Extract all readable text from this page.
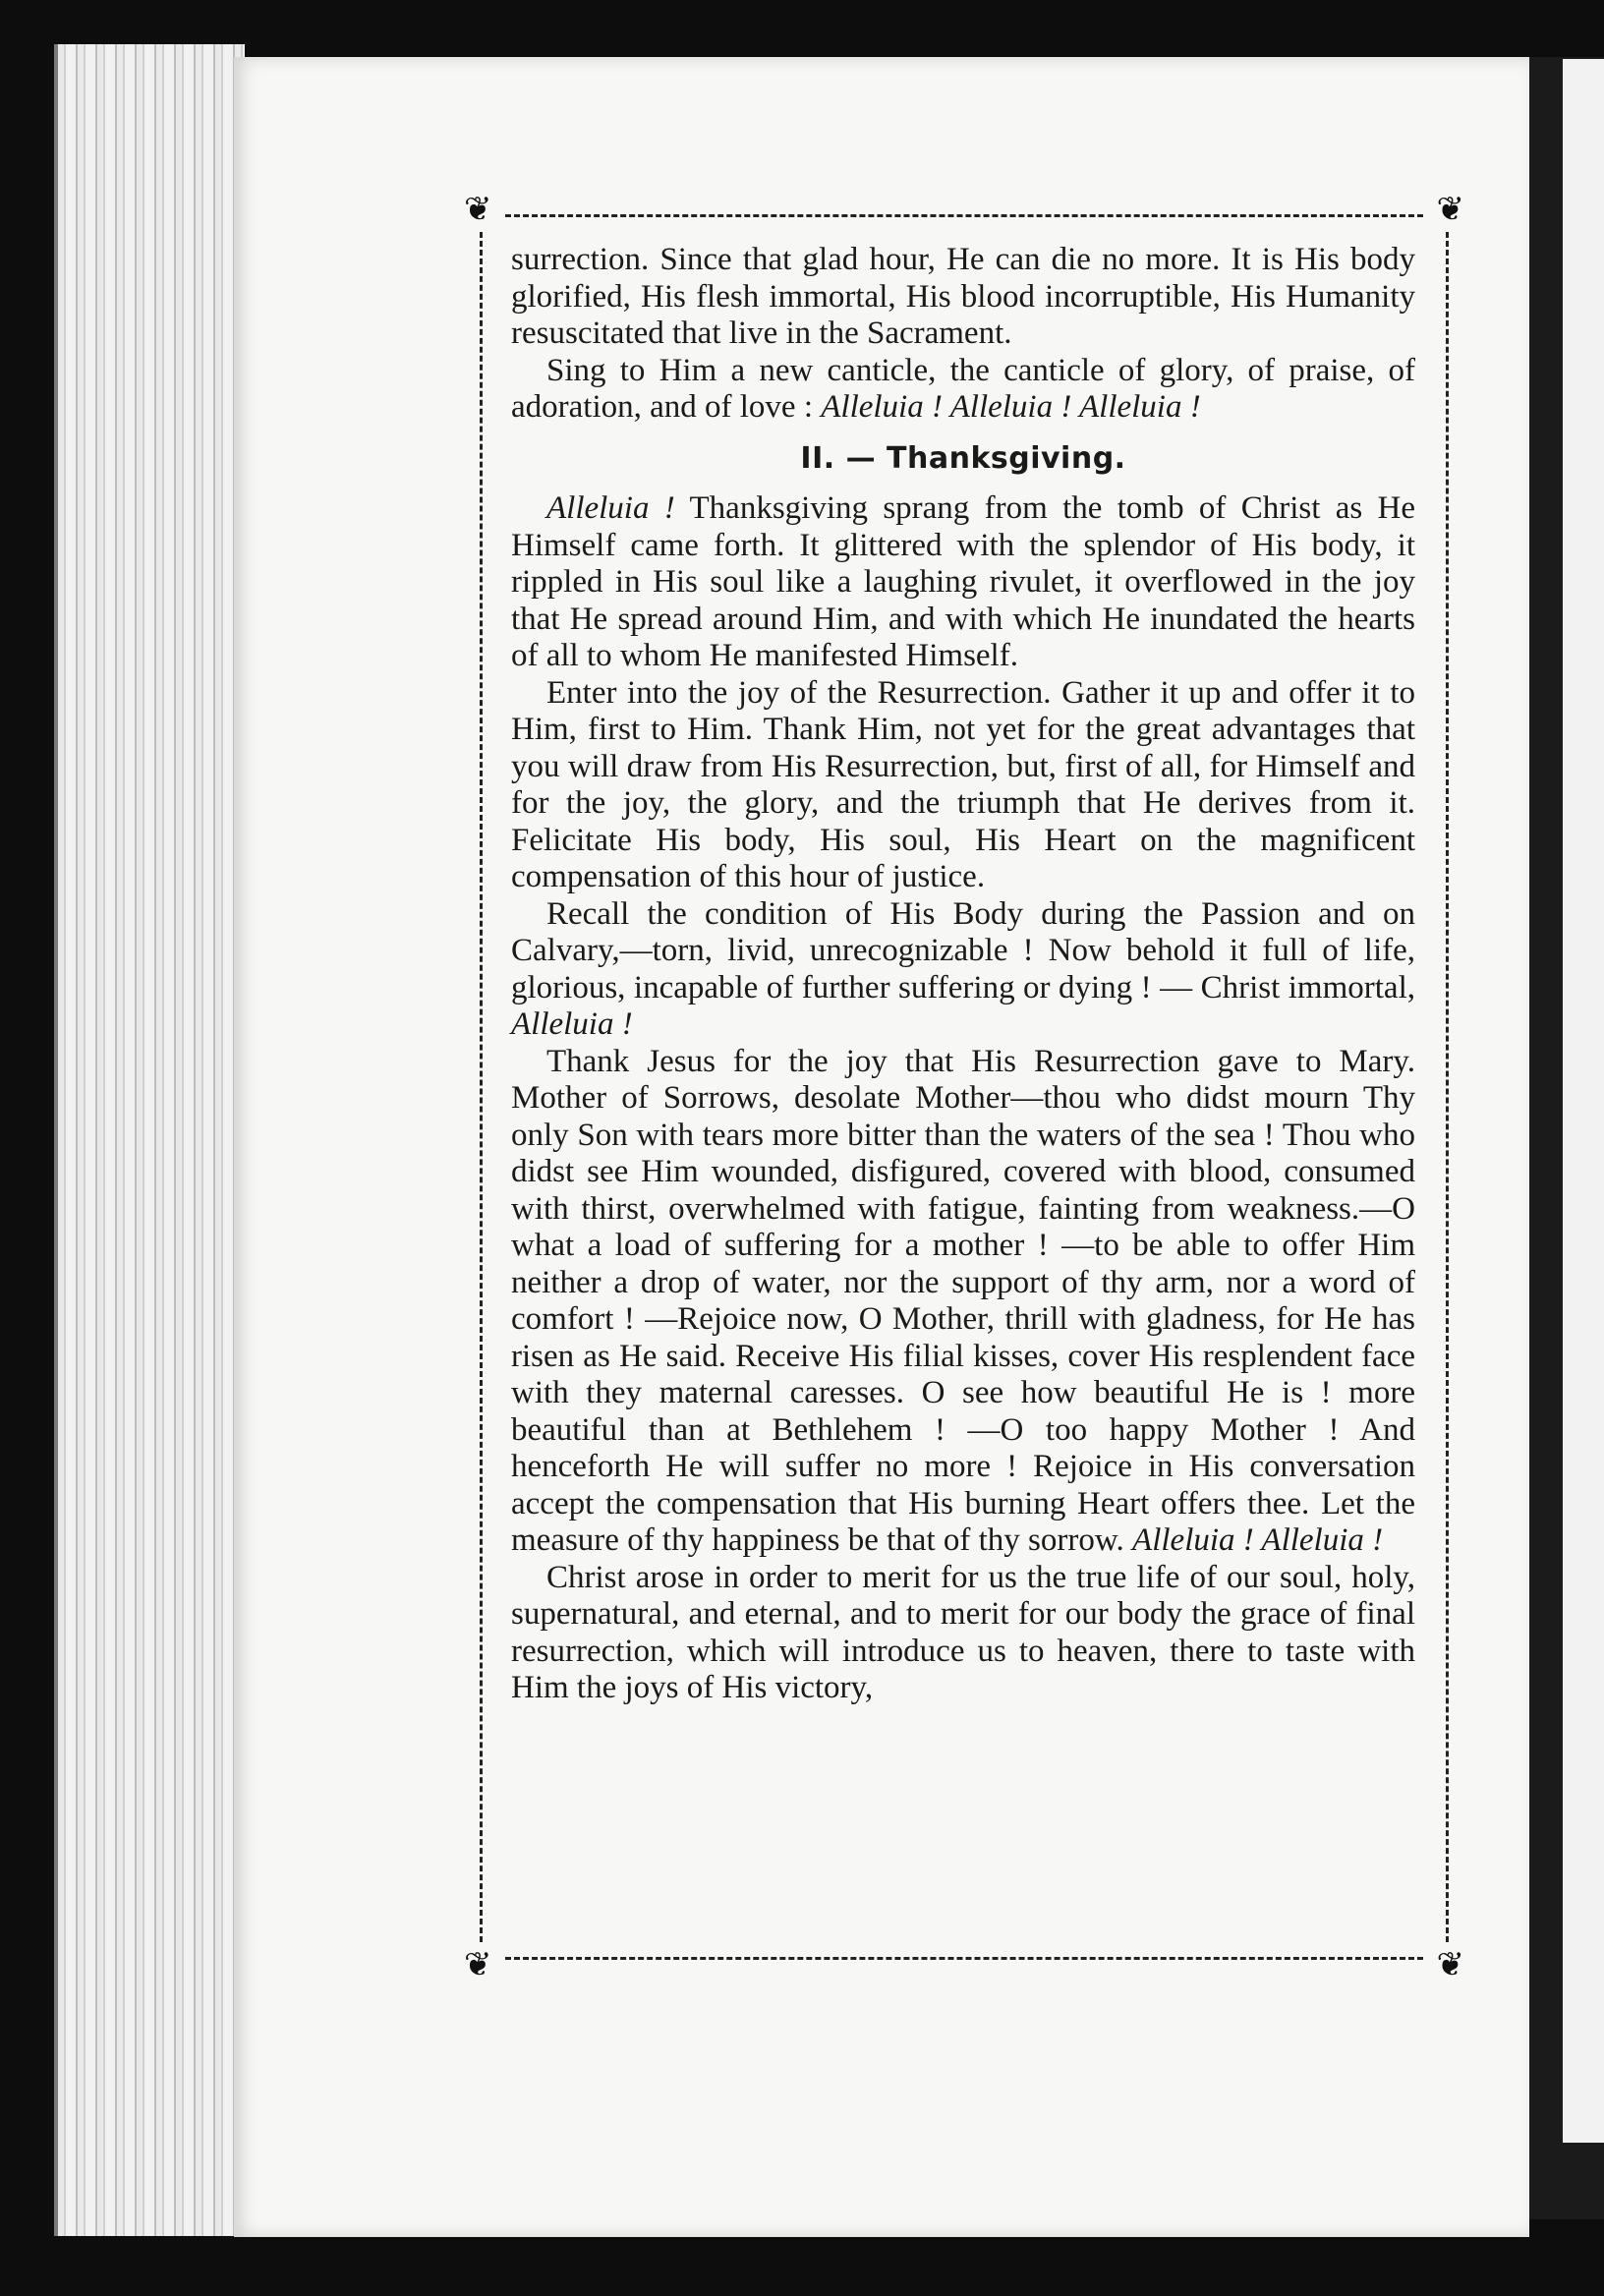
❦	❦
❦	❦

surrection. Since that glad hour, He can die no more. It is His body glorified, His flesh immortal, His blood incorruptible, His Humanity resuscitated that live in the Sacrament.

Sing to Him a new canticle, the canticle of glory, of praise, of adoration, and of love : Alleluia ! Alleluia ! Alleluia !

II. — Thanksgiving.

Alleluia ! Thanksgiving sprang from the tomb of Christ as He Himself came forth. It glittered with the splendor of His body, it rippled in His soul like a laughing rivulet, it overflowed in the joy that He spread around Him, and with which He inundated the hearts of all to whom He manifested Himself.

Enter into the joy of the Resurrection. Gather it up and offer it to Him, first to Him. Thank Him, not yet for the great advantages that you will draw from His Resurrection, but, first of all, for Himself and for the joy, the glory, and the triumph that He derives from it. Felicitate His body, His soul, His Heart on the magnificent compensation of this hour of justice.

Recall the condition of His Body during the Passion and on Calvary,—torn, livid, unrecognizable ! Now behold it full of life, glorious, incapable of further suffering or dying ! — Christ immortal, Alleluia !

Thank Jesus for the joy that His Resurrection gave to Mary. Mother of Sorrows, desolate Mother—thou who didst mourn Thy only Son with tears more bitter than the waters of the sea ! Thou who didst see Him wounded, disfigured, covered with blood, consumed with thirst, overwhelmed with fatigue, fainting from weakness.—O what a load of suffering for a mother ! —to be able to offer Him neither a drop of water, nor the support of thy arm, nor a word of comfort ! —Rejoice now, O Mother, thrill with gladness, for He has risen as He said. Receive His filial kisses, cover His resplendent face with they maternal caresses. O see how beautiful He is ! more beautiful than at Bethlehem ! —O too happy Mother ! And henceforth He will suffer no more ! Rejoice in His conversation accept the compensation that His burning Heart offers thee. Let the measure of thy happiness be that of thy sorrow. Alleluia ! Alleluia !

Christ arose in order to merit for us the true life of our soul, holy, supernatural, and eternal, and to merit for our body the grace of final resurrection, which will introduce us to heaven, there to taste with Him the joys of His victory,
